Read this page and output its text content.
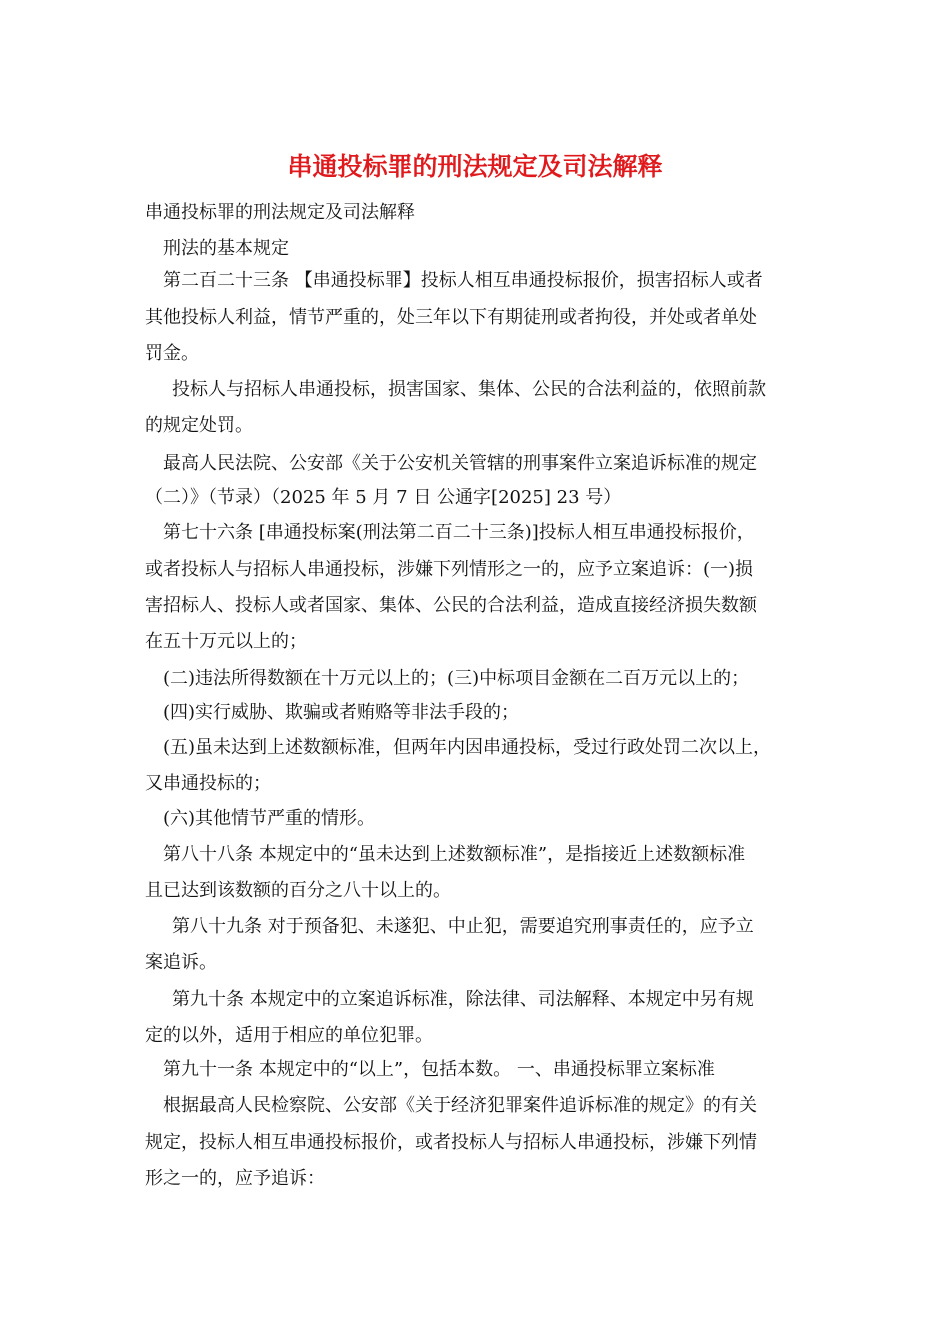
串通投标罪的刑法规定及司法解释
串通投标罪的刑法规定及司法解释
刑法的基本规定
第二百二十三条 【串通投标罪】投标人相互串通投标报价，损害招标人或者
其他投标人利益，情节严重的，处三年以下有期徒刑或者拘役，并处或者单处
罚金。
投标人与招标人串通投标，损害国家、集体、公民的合法利益的，依照前款
的规定处罚。
最高人民法院、公安部《关于公安机关管辖的刑事案件立案追诉标准的规定
（二）》（节录）（2025 年 5 月 7 日 公通字[2025] 23 号）
第七十六条 [串通投标案(刑法第二百二十三条)]投标人相互串通投标报价，
或者投标人与招标人串通投标，涉嫌下列情形之一的，应予立案追诉：(一)损
害招标人、投标人或者国家、集体、公民的合法利益，造成直接经济损失数额
在五十万元以上的；
(二)违法所得数额在十万元以上的；(三)中标项目金额在二百万元以上的；
(四)实行威胁、欺骗或者贿赂等非法手段的；
(五)虽未达到上述数额标准，但两年内因串通投标，受过行政处罚二次以上，
又串通投标的；
(六)其他情节严重的情形。
第八十八条 本规定中的“虽未达到上述数额标准”，是指接近上述数额标准
且已达到该数额的百分之八十以上的。
第八十九条 对于预备犯、未遂犯、中止犯，需要追究刑事责任的，应予立
案追诉。
第九十条 本规定中的立案追诉标准，除法律、司法解释、本规定中另有规
定的以外，适用于相应的单位犯罪。
第九十一条 本规定中的“以上”，包括本数。 一、串通投标罪立案标准
根据最高人民检察院、公安部《关于经济犯罪案件追诉标准的规定》的有关
规定，投标人相互串通投标报价，或者投标人与招标人串通投标，涉嫌下列情
形之一的，应予追诉：
